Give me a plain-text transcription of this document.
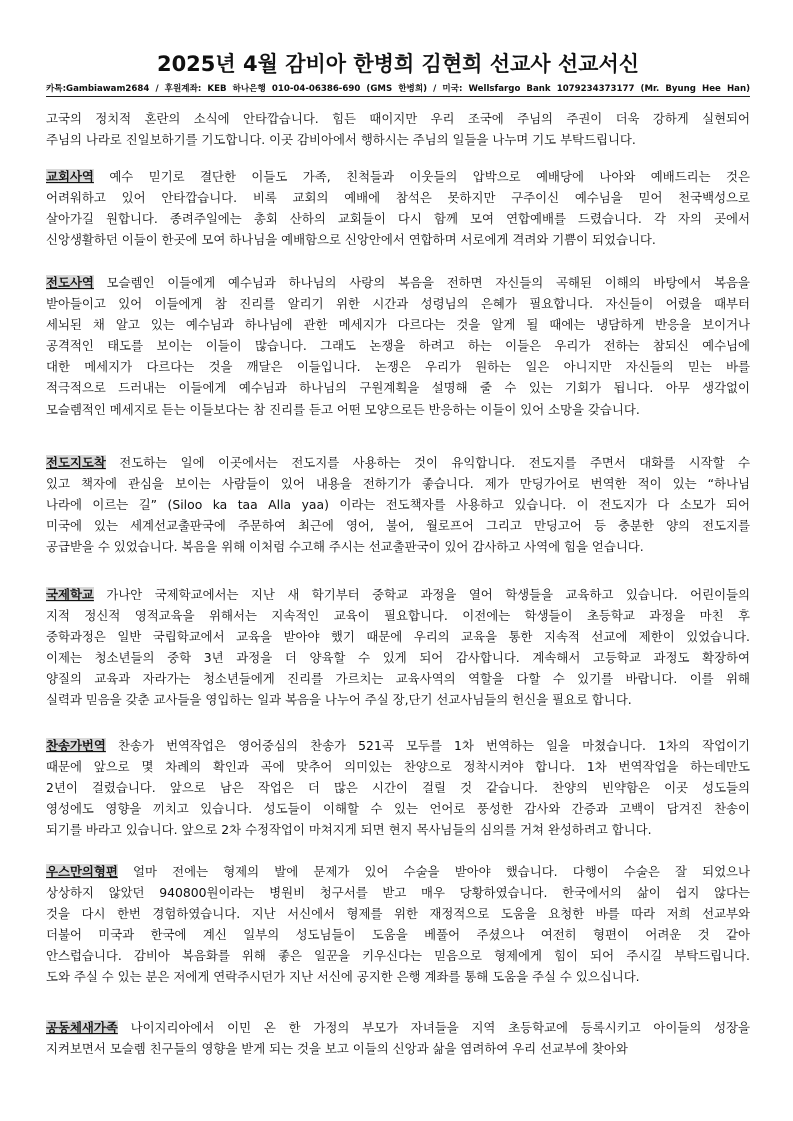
2025년 4월 감비아 한병희 김현희 선교사 선교서신
카톡:Gambiawam2684 / 후원계좌: KEB 하나은행 010-04-06386-690 (GMS 한병희) / 미국: Wellsfargo Bank 1079234373177 (Mr. Byung Hee Han)
고국의 정치적 혼란의 소식에 안타깝습니다. 힘든 때이지만 우리 조국에 주님의 주권이 더욱 강하게 실현되어
주님의 나라로 진일보하기를 기도합니다. 이곳 감비아에서 행하시는 주님의 일들을 나누며 기도 부탁드립니다.
교회사역 예수 믿기로 결단한 이들도 가족, 친척들과 이웃들의 압박으로 예배당에 나아와 예배드리는 것은
어려워하고 있어 안타깝습니다. 비록 교회의 예배에 참석은 못하지만 구주이신 예수님을 믿어 천국백성으로
살아가길 원합니다. 종려주일에는 총회 산하의 교회들이 다시 함께 모여 연합예배를 드렸습니다. 각 자의 곳에서
신앙생활하던 이들이 한곳에 모여 하나님을 예배함으로 신앙안에서 연합하며 서로에게 격려와 기쁨이 되었습니다.
전도사역 모슬렘인 이들에게 예수님과 하나님의 사랑의 복음을 전하면 자신들의 곡해된 이해의 바탕에서 복음을
받아들이고 있어 이들에게 참 진리를 알리기 위한 시간과 성령님의 은혜가 필요합니다. 자신들이 어렸을 때부터
세뇌된 채 알고 있는 예수님과 하나님에 관한 메세지가 다르다는 것을 알게 될 때에는 냉담하게 반응을 보이거나
공격적인 태도를 보이는 이들이 많습니다. 그래도 논쟁을 하려고 하는 이들은 우리가 전하는 참되신 예수님에
대한 메세지가 다르다는 것을 깨달은 이들입니다. 논쟁은 우리가 원하는 일은 아니지만 자신들의 믿는 바를
적극적으로 드러내는 이들에게 예수님과 하나님의 구원계획을 설명해 줄 수 있는 기회가 됩니다. 아무 생각없이
모슬렘적인 메세지로 듣는 이들보다는 참 진리를 듣고 어떤 모양으로든 반응하는 이들이 있어 소망을 갖습니다.
전도지도착 전도하는 일에 이곳에서는 전도지를 사용하는 것이 유익합니다. 전도지를 주면서 대화를 시작할 수
있고 책자에 관심을 보이는 사람들이 있어 내용을 전하기가 좋습니다. 제가 만딩가어로 번역한 적이 있는 “하나님
나라에 이르는 길” (Siloo ka taa Alla yaa) 이라는 전도책자를 사용하고 있습니다. 이 전도지가 다 소모가 되어
미국에 있는 세계선교출판국에 주문하여 최근에 영어, 불어, 월로프어 그리고 만딩고어 등 충분한 양의 전도지를
공급받을 수 있었습니다. 복음을 위해 이처럼 수고해 주시는 선교출판국이 있어 감사하고 사역에 힘을 얻습니다.
국제학교 가나안 국제학교에서는 지난 새 학기부터 중학교 과정을 열어 학생들을 교육하고 있습니다. 어린이들의
지적 정신적 영적교육을 위해서는 지속적인 교육이 필요합니다. 이전에는 학생들이 초등학교 과정을 마친 후
중학과정은 일반 국립학교에서 교육을 받아야 했기 때문에 우리의 교육을 통한 지속적 선교에 제한이 있었습니다.
이제는 청소년들의 중학 3년 과정을 더 양육할 수 있게 되어 감사합니다. 계속해서 고등학교 과정도 확장하여
양질의 교육과 자라가는 청소년들에게 진리를 가르치는 교육사역의 역할을 다할 수 있기를 바랍니다. 이를 위해
실력과 믿음을 갖춘 교사들을 영입하는 일과 복음을 나누어 주실 장,단기 선교사님들의 헌신을 필요로 합니다.
찬송가번역 찬송가 번역작업은 영어중심의 찬송가 521곡 모두를 1차 번역하는 일을 마쳤습니다. 1차의 작업이기
때문에 앞으로 몇 차례의 확인과 곡에 맞추어 의미있는 찬양으로 정착시켜야 합니다. 1차 번역작업을 하는데만도
2년이 걸렸습니다. 앞으로 남은 작업은 더 많은 시간이 걸릴 것 같습니다. 찬양의 빈약함은 이곳 성도들의
영성에도 영향을 끼치고 있습니다. 성도들이 이해할 수 있는 언어로 풍성한 감사와 간증과 고백이 담겨진 찬송이
되기를 바라고 있습니다. 앞으로 2차 수정작업이 마쳐지게 되면 현지 목사님들의 심의를 거쳐 완성하려고 합니다.
우스만의형편 얼마 전에는 형제의 발에 문제가 있어 수술을 받아야 했습니다. 다행이 수술은 잘 되었으나
상상하지 않았던 940800원이라는 병원비 청구서를 받고 매우 당황하였습니다. 한국에서의 삶이 쉽지 않다는
것을 다시 한번 경험하였습니다. 지난 서신에서 형제를 위한 재정적으로 도움을 요청한 바를 따라 저희 선교부와
더불어 미국과 한국에 계신 일부의 성도님들이 도움을 베풀어 주셨으나 여전히 형편이 어려운 것 같아
안스럽습니다. 감비아 복음화를 위해 좋은 일꾼을 키우신다는 믿음으로 형제에게 힘이 되어 주시길 부탁드립니다.
도와 주실 수 있는 분은 저에게 연락주시던가 지난 서신에 공지한 은행 계좌를 통해 도움을 주실 수 있으십니다.
공동체새가족 나이지리아에서 이민 온 한 가정의 부모가 자녀들을 지역 초등학교에 등록시키고 아이들의 성장을
지켜보면서 모슬렘 친구들의 영향을 받게 되는 것을 보고 이들의 신앙과 삶을 염려하여 우리 선교부에 찾아와
